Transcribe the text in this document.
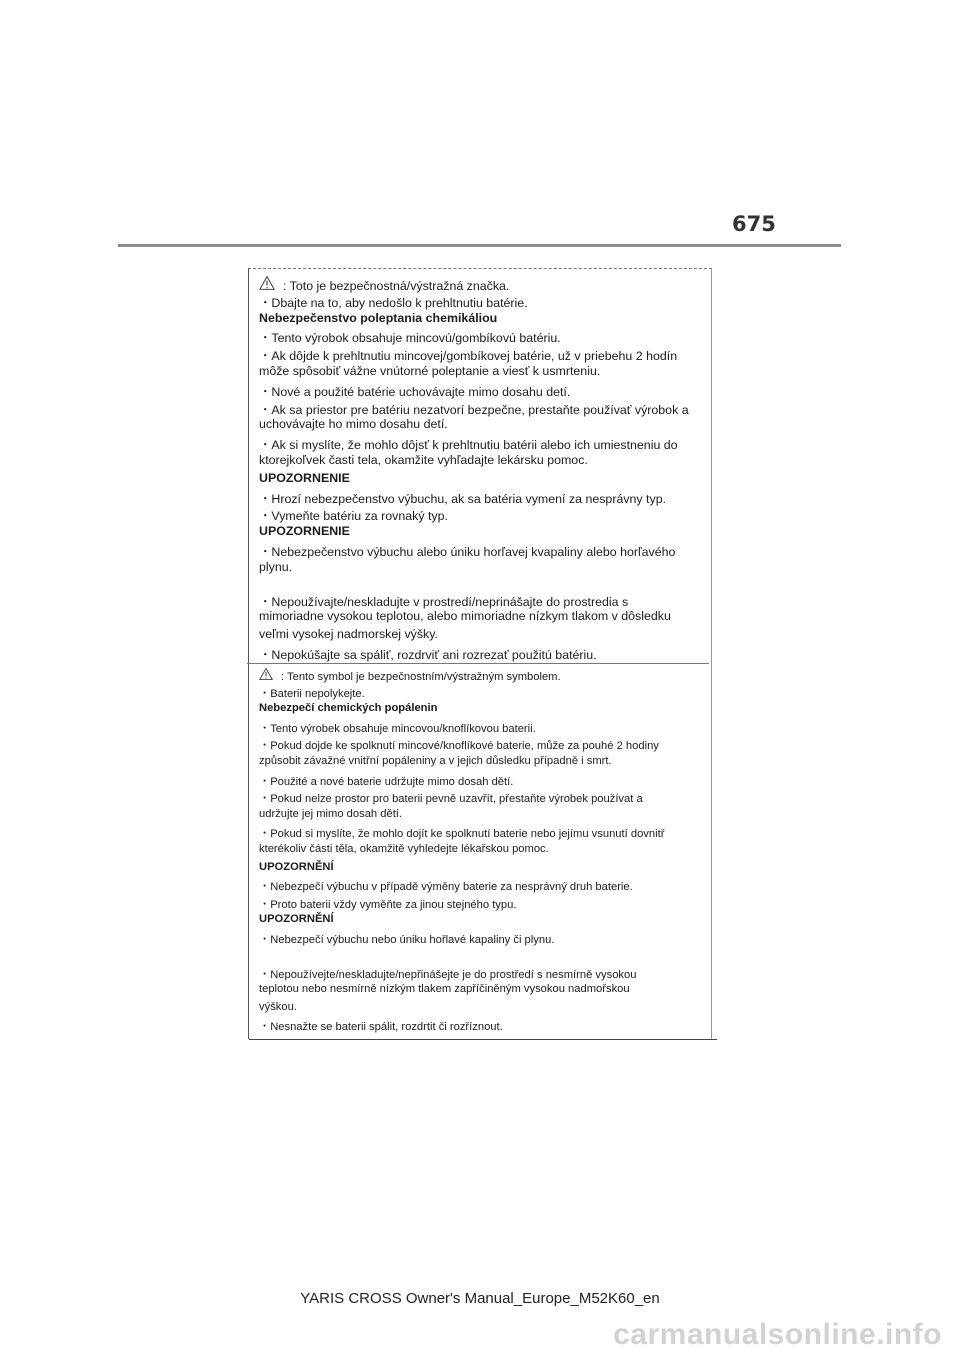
675
: Toto je bezpečnostná/výstražná značka.
・Dbajte na to, aby nedošlo k prehltnutiu batérie.
Nebezpečenstvo poleptania chemikáliou
・Tento výrobok obsahuje mincovú/gombíkovú batériu.
・Ak dôjde k prehltnutiu mincovej/gombíkovej batérie, už v priebehu 2 hodín
môže spôsobiť vážne vnútorné poleptanie a viesť k usmrteniu.
・Nové a použité batérie uchovávajte mimo dosahu detí.
・Ak sa priestor pre batériu nezatvorí bezpečne, prestaňte používať výrobok a
uchovávajte ho mimo dosahu detí.
・Ak si myslíte, že mohlo dôjsť k prehltnutiu batérii alebo ich umiestneniu do
ktorejkoľvek časti tela, okamžite vyhľadajte lekársku pomoc.
UPOZORNENIE
・Hrozí nebezpečenstvo výbuchu, ak sa batéria vymení za nesprávny typ.
・Vymeňte batériu za rovnaký typ.
UPOZORNENIE
・Nebezpečenstvo výbuchu alebo úniku horľavej kvapaliny alebo horľavého
plynu.
・Nepoužívajte/neskladujte v prostredí/neprinášajte do prostredia s
mimoriadne vysokou teplotou, alebo mimoriadne nízkym tlakom v dôsledku
veľmi vysokej nadmorskej výšky.
・Nepokúšajte sa spáliť, rozdrviť ani rozrezať použitú batériu.
: Tento symbol je bezpečnostním/výstražným symbolem.
・Baterii nepolykejte.
Nebezpečí chemických popálenin
・Tento výrobek obsahuje mincovou/knoflíkovou baterii.
・Pokud dojde ke spolknutí mincové/knoflíkové baterie, může za pouhé 2 hodiny
způsobit závažné vnitřní popáleniny a v jejich důsledku případně i smrt.
・Použité a nové baterie udržujte mimo dosah dětí.
・Pokud nelze prostor pro baterii pevně uzavřít, přestaňte výrobek používat a
udržujte jej mimo dosah dětí.
・Pokud si myslíte, že mohlo dojít ke spolknutí baterie nebo jejímu vsunutí dovnitř
kterékoliv části těla, okamžitě vyhledejte lékařskou pomoc.
UPOZORNĚNÍ
・Nebezpečí výbuchu v případě výměny baterie za nesprávný druh baterie.
・Proto baterii vždy vyměňte za jinou stejného typu.
UPOZORNĚNÍ
・Nebezpečí výbuchu nebo úniku hořlavé kapaliny či plynu.
・Nepoužívejte/neskladujte/nepřinášejte je do prostředí s nesmírně vysokou
teplotou nebo nesmírně nízkým tlakem zapříčiněným vysokou nadmořskou
výškou.
・Nesnažte se baterii spálit, rozdrtit či rozříznout.
YARIS CROSS Owner's Manual_Europe_M52K60_en
carmanualsonline.info
